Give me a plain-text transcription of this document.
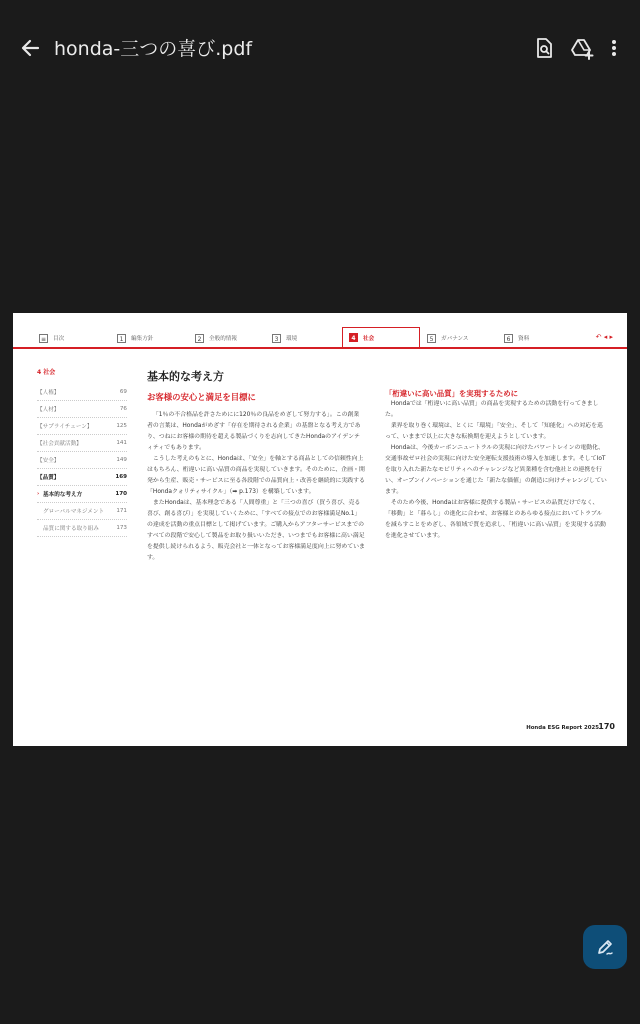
honda-三つの喜び.pdf
≡	目次	1	編集方針	2	全般的情報	3	環境	4	社会	5	ガバナンス	6	資料	↶ ◂ ▸
4 社会
【人権】	69
【人材】	76
【サプライチェーン】	125
【社会貢献活動】	141
【安全】	149
【品質】	169
› 基本的な考え方	170
グローバルマネジメント 171
品質に関する取り組み	173
基本的な考え方
お客様の安心と満足を目標に

「1％の不合格品を許さためにに120％の良品をめざして努力する」。この創業者の言葉は、Hondaがめざす「存在を期待される企業」の基盤となる考え方であり、つねにお客様の期待を超える製品づくりを志向してきたHondaのアイデンティティでもあります。

こうした考えのもとに、Hondaは、「安全」を軸とする商品としての信頼性向上はもちろん、桁違いに高い品質の商品を実現していきます。そのために、企画・開発から生産、販売・サービスに至る各段階での品質向上・改善を継続的に実践する「Hondaクォリティサイクル」（➡ p.173）を構築しています。

またHondaは、基本理念である「人間尊重」と「三つの喜び（買う喜び、売る喜び、創る喜び）」を実現していくために、「すべての接点でのお客様満足No.1」の達成を活動の重点目標として掲げています。ご購入からアフターサービスまでのすべての段階で安心して製品をお取り扱いいただき、いつまでもお客様に高い満足を提供し続けられるよう、販売会社と一体となってお客様満足度向上に努めています。

「桁違いに高い品質」を実現するために

Hondaでは「桁違いに高い品質」の商品を実現するための活動を行ってきました。

業界を取り巻く環境は、とくに「環境」「安全」、そして「知能化」への対応を巡って、いままで以上に大きな転換期を迎えようとしています。

Hondaは、今後カーボンニュートラルの実現に向けたパワートレインの電動化、交通事故ゼロ社会の実現に向けた安全運転支援技術の導入を加速します。そしてIoTを取り入れた新たなモビリティへのチャレンジなど異業種を含む他社との連携を行い、オープンイノベーションを通じた「新たな価値」の創造に向けチャレンジしています。

そのため今後、Hondaはお客様に提供する製品・サービスの品質だけでなく、「移動」と「暮らし」の進化に合わせ、お客様とのあらゆる接点においてトラブルを減らすことをめざし、各領域で質を追求し、「桁違いに高い品質」を実現する活動を進化させています。

Honda ESG Report 2025 170
